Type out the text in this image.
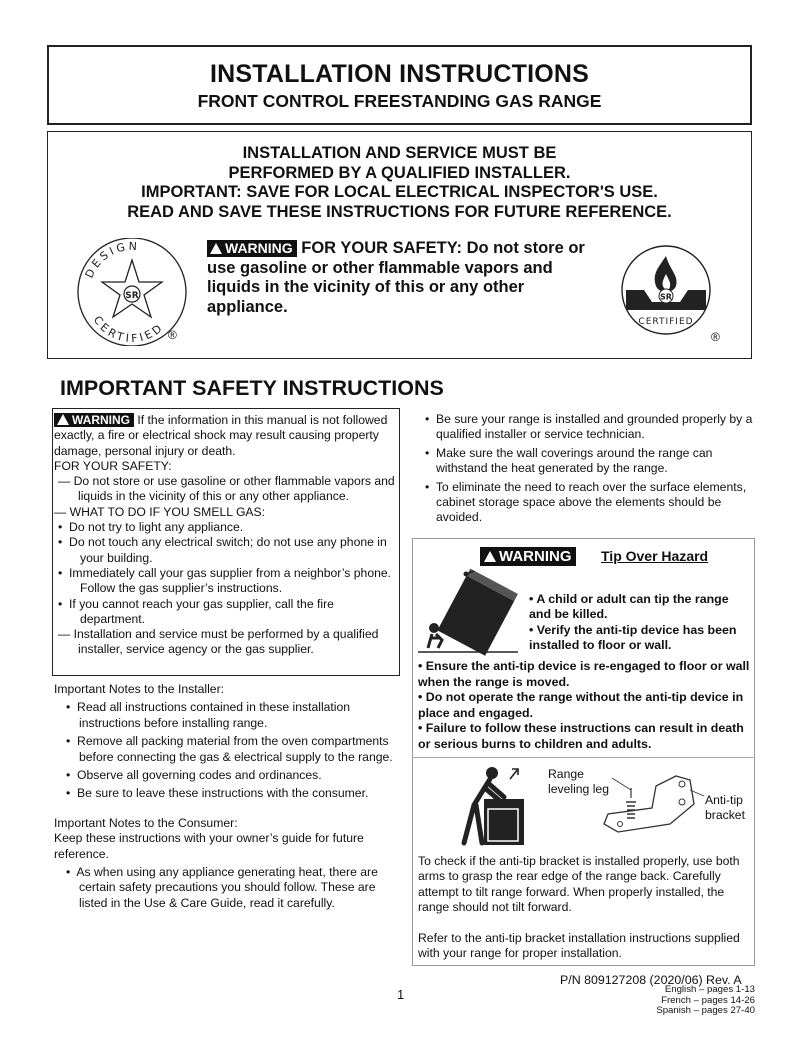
INSTALLATION INSTRUCTIONS
FRONT CONTROL FREESTANDING GAS RANGE
INSTALLATION AND SERVICE MUST BE
PERFORMED BY A QUALIFIED INSTALLER.
IMPORTANT: SAVE FOR LOCAL ELECTRICAL INSPECTOR'S USE.
READ AND SAVE THESE INSTRUCTIONS FOR FUTURE REFERENCE.
DESIGN
CERTIFIED
SR
®
WARNING FOR YOUR SAFETY: Do not store or use gasoline or other flammable vapors and liquids in the vicinity of this or any other appliance.
SR
CERTIFIED
®
IMPORTANT SAFETY INSTRUCTIONS

WARNING If the information in this manual is not followed exactly, a fire or electrical shock may result causing property damage, personal injury or death.

FOR YOUR SAFETY:

— Do not store or use gasoline or other flammable vapors and liquids in the vicinity of this or any other appliance.

— WHAT TO DO IF YOU SMELL GAS:

•  Do not try to light any appliance.

•  Do not touch any electrical switch; do not use any phone in your building.

•  Immediately call your gas supplier from a neighbor’s phone. Follow the gas supplier’s instructions.

•  If you cannot reach your gas supplier, call the fire department.

— Installation and service must be performed by a qualified installer, service agency or the gas supplier.

Important Notes to the Installer:

•  Read all instructions contained in these installation instructions before installing range.

•  Remove all packing material from the oven compartments before connecting the gas & electrical supply to the range.

•  Observe all governing codes and ordinances.

•  Be sure to leave these instructions with the consumer.

Important Notes to the Consumer:

Keep these instructions with your owner’s guide for future reference.

•  As when using any appliance generating heat, there are certain safety precautions you should follow. These are listed in the Use & Care Guide, read it carefully.

•  Be sure your range is installed and grounded properly by a qualified installer or service technician.
•  Make sure the wall coverings around the range can withstand the heat generated by the range.
•  To eliminate the need to reach over the surface elements, cabinet storage space above the elements should be avoided.
WARNING Tip Over Hazard
• A child or adult can tip the range and be killed.
• Verify the anti-tip device has been installed to floor or wall.
• Ensure the anti-tip device is re-engaged to floor or wall when the range is moved.
• Do not operate the range without the anti-tip device in place and engaged.
• Failure to follow these instructions can result in death or serious burns to children and adults.
Range
leveling leg
Anti-tip
bracket
To check if the anti-tip bracket is installed properly, use both arms to grasp the rear edge of the range back. Carefully attempt to tilt range forward. When properly installed, the range should not tilt forward.
Refer to the anti-tip bracket installation instructions supplied with your range for proper installation.
P/N 809127208 (2020/06) Rev. A
1	English – pages 1-13
French – pages 14-26
Spanish – pages 27-40
